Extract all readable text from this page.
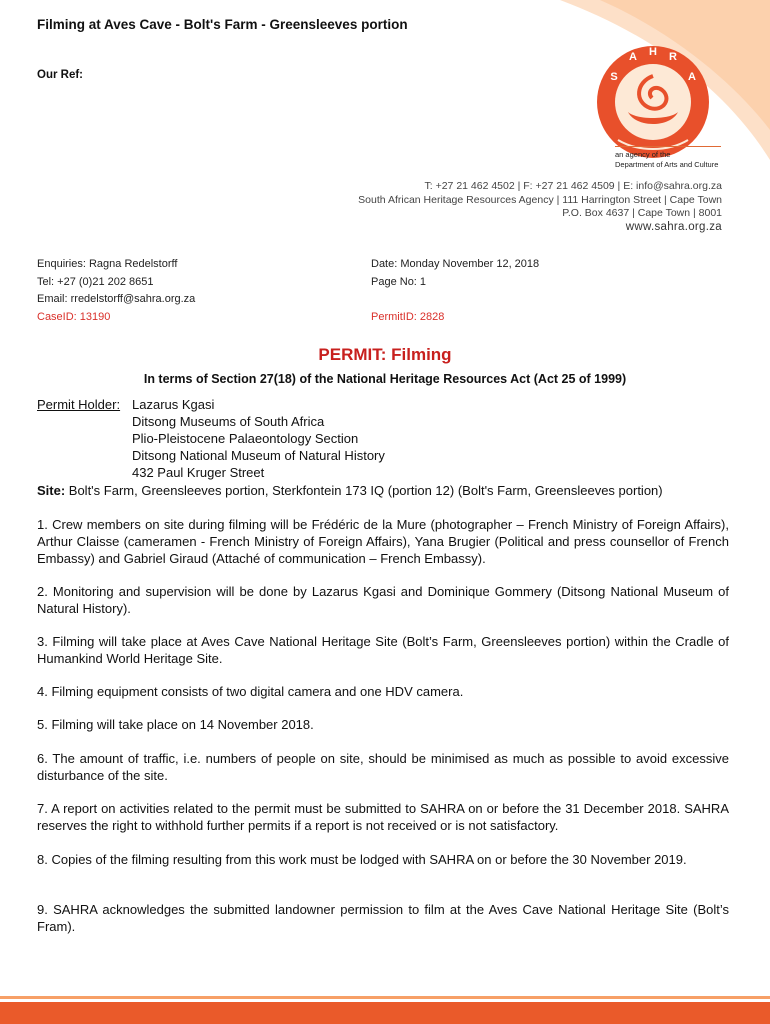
Filming at Aves Cave - Bolt's Farm - Greensleeves portion
Our Ref:	S
A H R
A
an agency of the
Department of Arts and Culture
T: +27 21 462 4502 | F: +27 21 462 4509 | E: info@sahra.org.za
South African Heritage Resources Agency | 111 Harrington Street | Cape Town
P.O. Box 4637 | Cape Town | 8001
www.sahra.org.za
Enquiries: Ragna Redelstorff
Tel: +27 (0)21 202 8651
Email: rredelstorff@sahra.org.za
CaseID: 13190
Date: Monday November 12, 2018
Page No: 1

PermitID: 2828
PERMIT: Filming
In terms of Section 27(18) of the National Heritage Resources Act (Act 25 of 1999)
Permit Holder: Lazarus Kgasi
Ditsong Museums of South Africa
Plio-Pleistocene Palaeontology Section
Ditsong National Museum of Natural History
432 Paul Kruger Street
Site: Bolt's Farm, Greensleeves portion, Sterkfontein 173 IQ (portion 12) (Bolt's Farm, Greensleeves portion)
1. Crew members on site during filming will be Frédéric de la Mure (photographer – French Ministry of Foreign Affairs), Arthur Claisse (cameramen - French Ministry of Foreign Affairs), Yana Brugier (Political and press counsellor of French Embassy) and Gabriel Giraud (Attaché of communication – French Embassy).
2. Monitoring and supervision will be done by Lazarus Kgasi and Dominique Gommery (Ditsong National Museum of Natural History).
3. Filming will take place at Aves Cave National Heritage Site (Bolt’s Farm, Greensleeves portion) within the Cradle of Humankind World Heritage Site.
4. Filming equipment consists of two digital camera and one HDV camera.
5. Filming will take place on 14 November 2018.
6. The amount of traffic, i.e. numbers of people on site, should be minimised as much as possible to avoid excessive disturbance of the site.
7. A report on activities related to the permit must be submitted to SAHRA on or before the 31 December 2018. SAHRA reserves the right to withhold further permits if a report is not received or is not satisfactory.
8. Copies of the filming resulting from this work must be lodged with SAHRA on or before the 30 November 2019.
9. SAHRA acknowledges the submitted landowner permission to film at the Aves Cave National Heritage Site (Bolt’s Fram).
